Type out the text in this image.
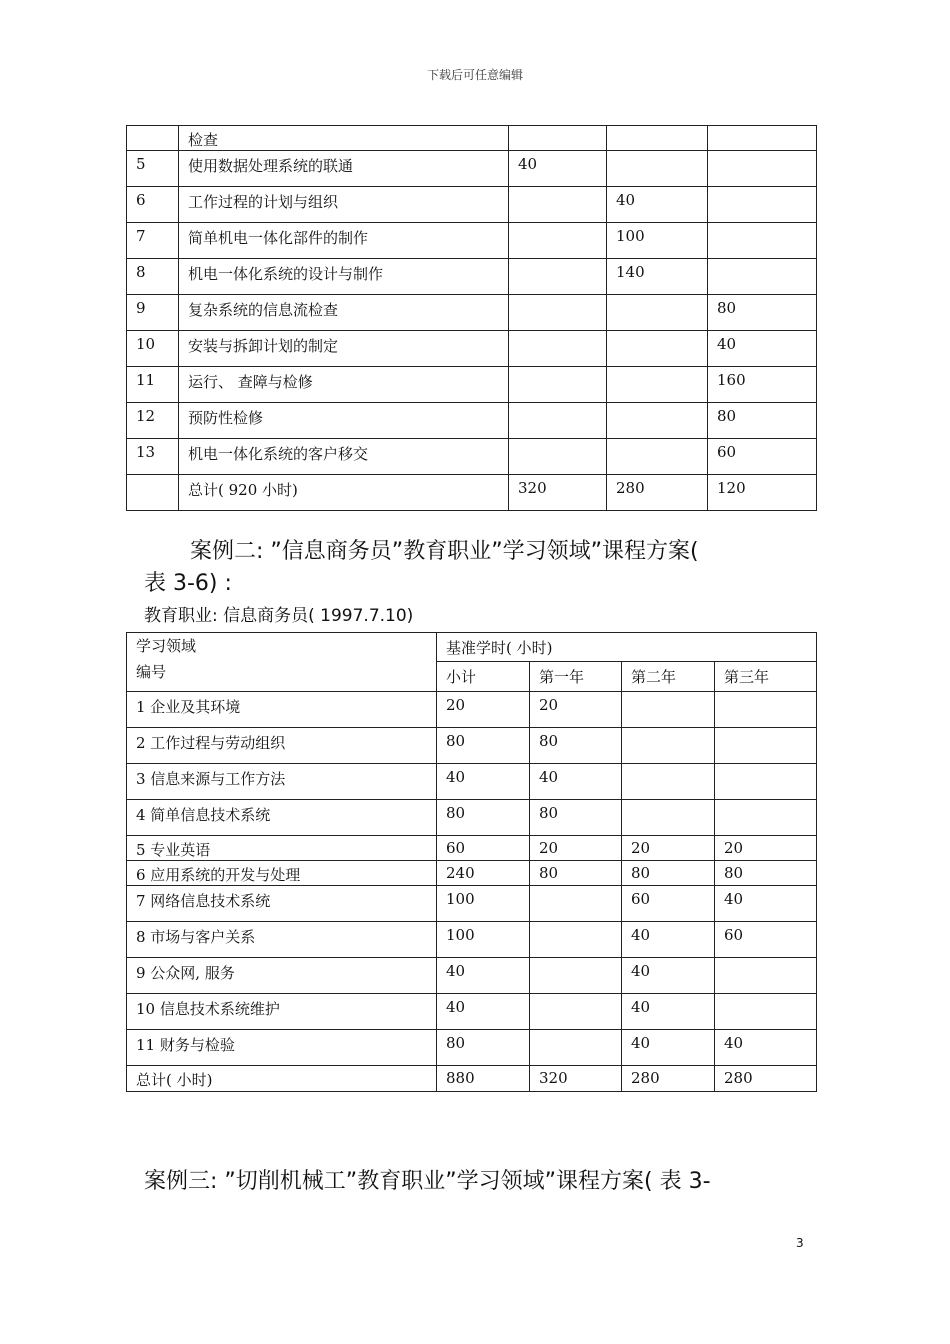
下载后可任意编辑
	检查			
5	使用数据处理系统的联通	40		
6	工作过程的计划与组织		40	
7	简单机电一体化部件的制作		100	
8	机电一体化系统的设计与制作		140	
9	复杂系统的信息流检查			80
10	安装与拆卸计划的制定			40
11	运行、 查障与检修			160
12	预防性检修			80
13	机电一体化系统的客户移交			60
	总计( 920 小时)	320	280	120
案例二: ”信息商务员”教育职业”学习领域”课程方案(
表 3-6) :
教育职业: 信息商务员( 1997.7.10)
学习领域
编号	基准学时( 小时)			
	小计	第一年	第二年	第三年
1 企业及其环境	20	20		
2 工作过程与劳动组织	80	80		
3 信息来源与工作方法	40	40		
4 简单信息技术系统	80	80		
5 专业英语	60	20	20	20
6 应用系统的开发与处理	240	80	80	80
7 网络信息技术系统	100		60	40
8 市场与客户关系	100		40	60
9 公众网, 服务	40		40	
10 信息技术系统维护	40		40	
11 财务与检验	80		40	40
总计( 小时)	880	320	280	280
案例三: ”切削机械工”教育职业”学习领域”课程方案( 表 3-
3
